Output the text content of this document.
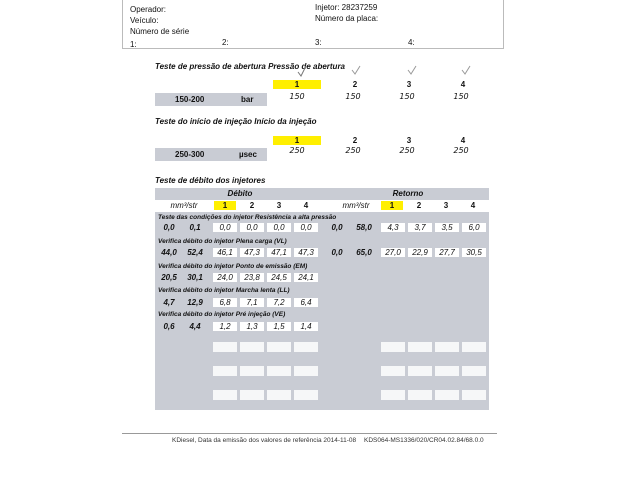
Operador:	Injetor: 28237259
Veículo:	Número da placa:
Número de série
1:	2:	3:	4:
Teste de pressão de abertura Pressão de abertura
1	2	3	4
150-200	bar	150	150	150	150
Teste do início de injeção Início da injeção
1	2	3	4
250-300	µsec	250	250	250	250
Teste de débito dos injetores
Débito	Retorno
mm³/str	1	2	3	4	mm³/str	1	2	3	4
Teste das condições do injetor Resistência a alta pressão
0,0	0,1	0,0	0,0	0,0	0,0	0,0	58,0	4,3	3,7	3,5	6,0
Verifica débito do injetor Plena carga (VL)
44,0	52,4	46,1	47,3	47,1	47,3	0,0	65,0	27,0	22,9	27,7	30,5
Verifica débito do injetor Ponto de emissão (EM)
20,5	30,1	24,0	23,8	24,5	24,1
Verifica débito do injetor Marcha lenta (LL)
4,7	12,9	6,8	7,1	7,2	6,4
Verifica débito do injetor Pré injeção (VE)
0,6	4,4	1,2	1,3	1,5	1,4
KDiesel, Data da emissão dos valores de referência 2014-11-08 KDS064-MS1336/020/CR04.02.84/68.0.0
